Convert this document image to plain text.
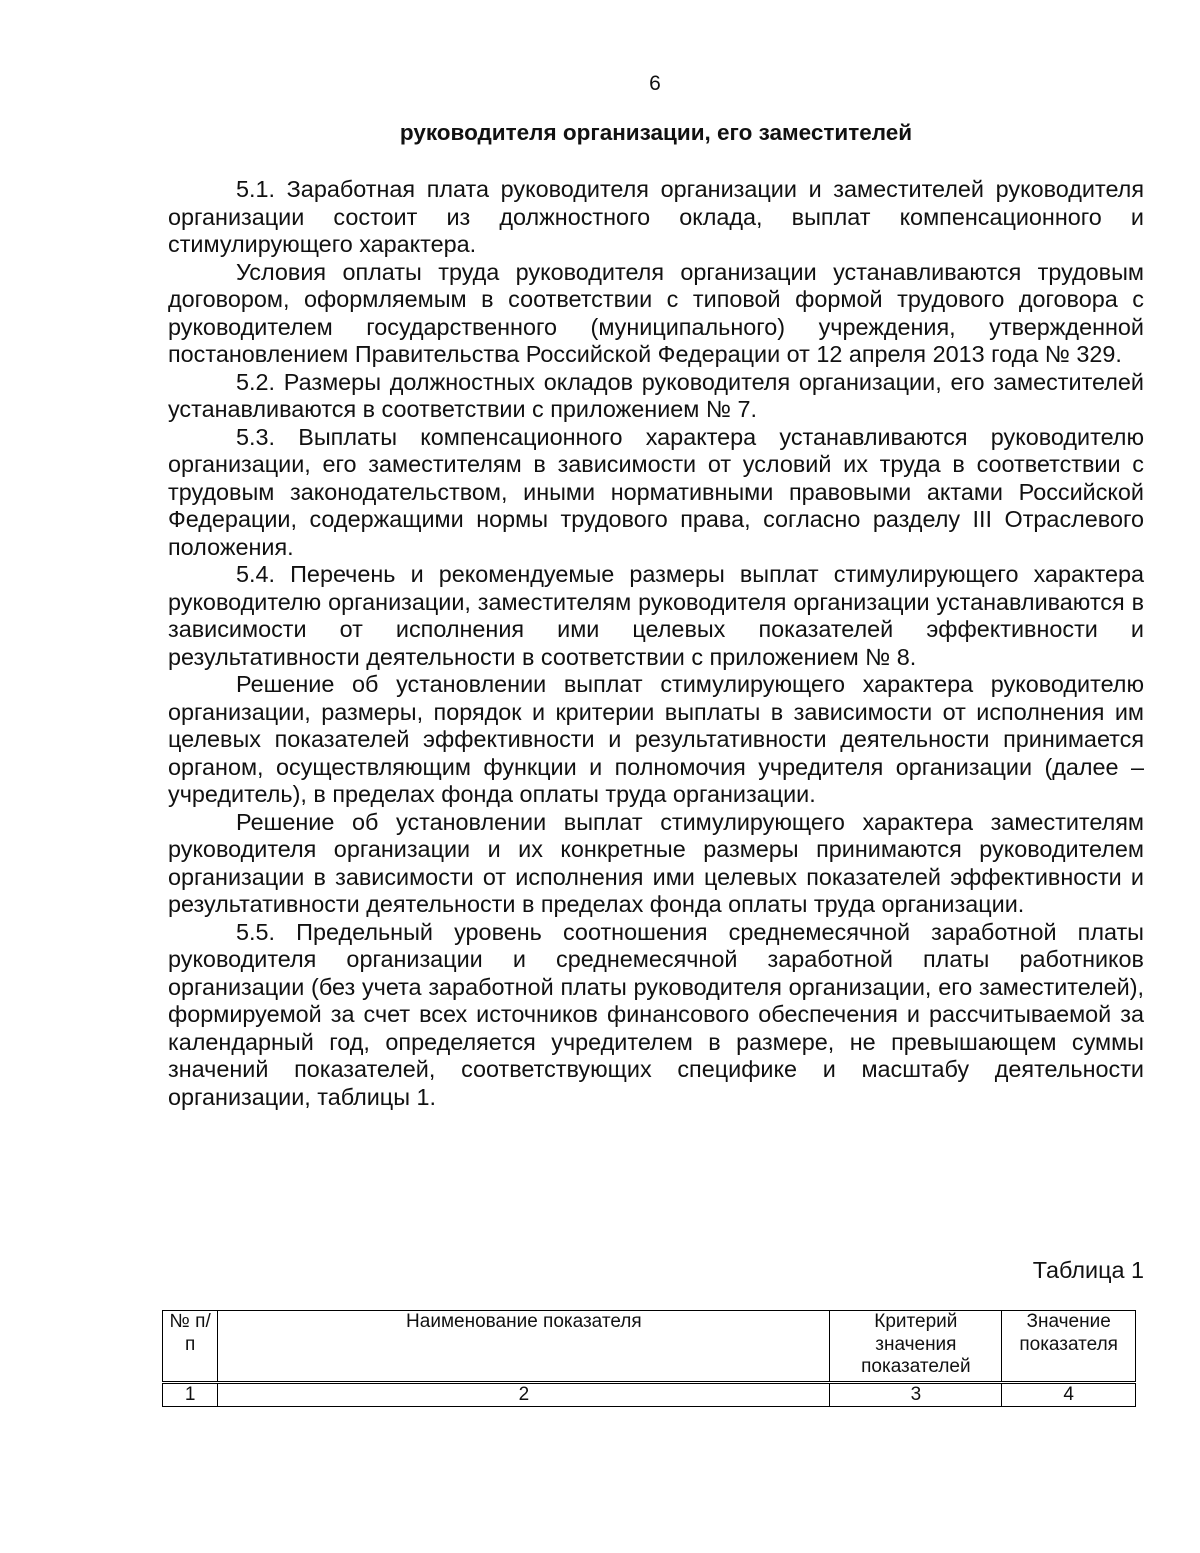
6
руководителя организации, его заместителей

5.1. Заработная плата руководителя организации и заместителей руководителя организации состоит из должностного оклада, выплат компенсационного и стимулирующего характера.

Условия оплаты труда руководителя организации устанавливаются трудовым договором, оформляемым в соответствии с типовой формой трудового договора с руководителем государственного (муниципального) учреждения, утвержденной постановлением Правительства Российской Федерации от 12 апреля 2013 года № 329.

5.2. Размеры должностных окладов руководителя организации, его заместителей устанавливаются в соответствии с приложением № 7.

5.3. Выплаты компенсационного характера устанавливаются руководителю организации, его заместителям в зависимости от условий их труда в соответствии с трудовым законодательством, иными нормативными правовыми актами Российской Федерации, содержащими нормы трудового права, согласно разделу III Отраслевого положения.

5.4. Перечень и рекомендуемые размеры выплат стимулирующего характера руководителю организации, заместителям руководителя организации устанавливаются в зависимости от исполнения ими целевых показателей эффективности и результативности деятельности в соответствии с приложением № 8.

Решение об установлении выплат стимулирующего характера руководителю организации, размеры, порядок и критерии выплаты в зависимости от исполнения им целевых показателей эффективности и результативности деятельности принимается органом, осуществляющим функции и полномочия учредителя организации (далее – учредитель), в пределах фонда оплаты труда организации.

Решение об установлении выплат стимулирующего характера заместителям руководителя организации и их конкретные размеры принимаются руководителем организации в зависимости от исполнения ими целевых показателей эффективности и результативности деятельности в пределах фонда оплаты труда организации.

5.5. Предельный уровень соотношения среднемесячной заработной платы руководителя организации и среднемесячной заработной платы работников организации (без учета заработной платы руководителя организации, его заместителей), формируемой за счет всех источников финансового обеспечения и рассчитываемой за календарный год, определяется учредителем в размере, не превышающем суммы значений показателей, соответствующих специфике и масштабу деятельности организации, таблицы 1.

Таблица 1
№ п/п	Наименование показателя	Критерий значения показателей	Значение показателя
1	2	3	4
